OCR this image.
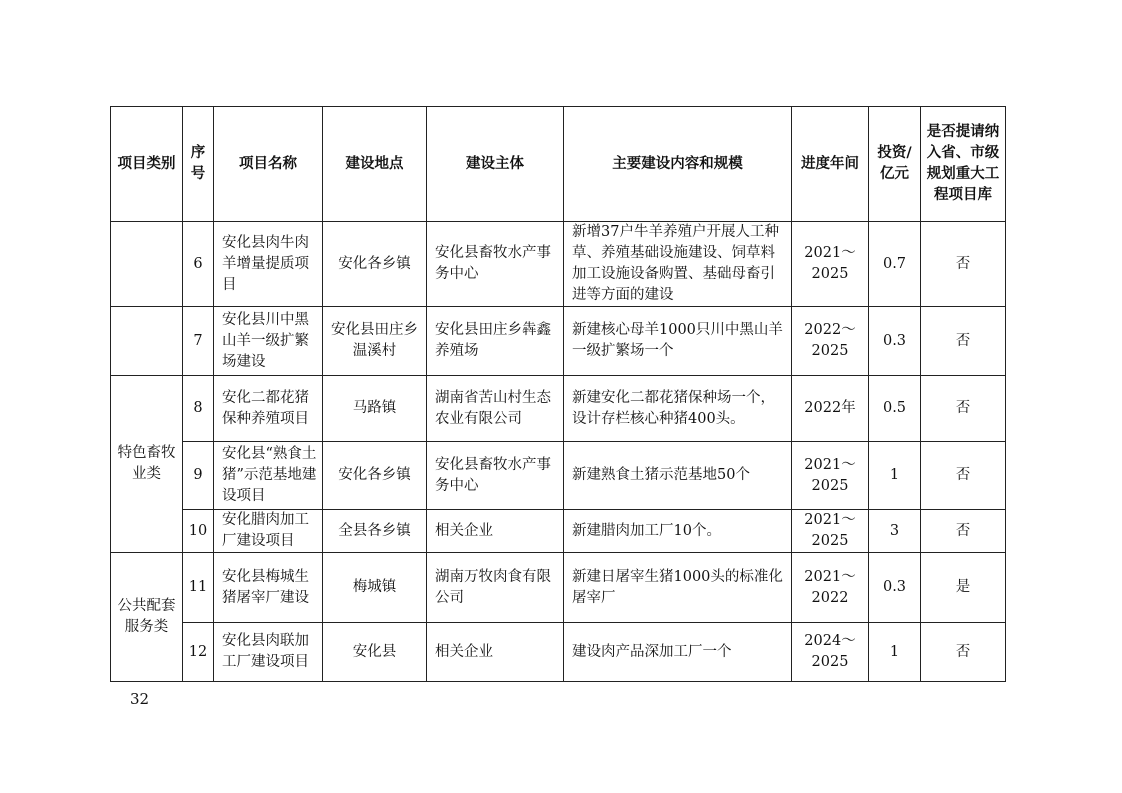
项目类别	序号	项目名称	建设地点	建设主体	主要建设内容和规模	进度年间	投资/亿元	是否提请纳入省、市级规划重大工程项目库
	6	安化县肉牛肉羊增量提质项目	安化各乡镇	安化县畜牧水产事务中心	新增37户牛羊养殖户开展人工种草、养殖基础设施建设、饲草料加工设施设备购置、基础母畜引进等方面的建设	2021～2025	0.7	否
	7	安化县川中黑山羊一级扩繁场建设	安化县田庄乡温溪村	安化县田庄乡犇鑫养殖场	新建核心母羊1000只川中黑山羊一级扩繁场一个	2022～2025	0.3	否
特色畜牧业类	8	安化二都花猪保种养殖项目	马路镇	湖南省苦山村生态农业有限公司	新建安化二都花猪保种场一个，设计存栏核心种猪400头。	2022年	0.5	否
	9	安化县“熟食土猪”示范基地建设项目	安化各乡镇	安化县畜牧水产事务中心	新建熟食土猪示范基地50个	2021～2025	1	否
	10	安化腊肉加工厂建设项目	全县各乡镇	相关企业	新建腊肉加工厂10个。	2021～2025	3	否
公共配套服务类	11	安化县梅城生猪屠宰厂建设	梅城镇	湖南万牧肉食有限公司	新建日屠宰生猪1000头的标准化屠宰厂	2021～2022	0.3	是
	12	安化县肉联加工厂建设项目	安化县	相关企业	建设肉产品深加工厂一个	2024～2025	1	否
32
